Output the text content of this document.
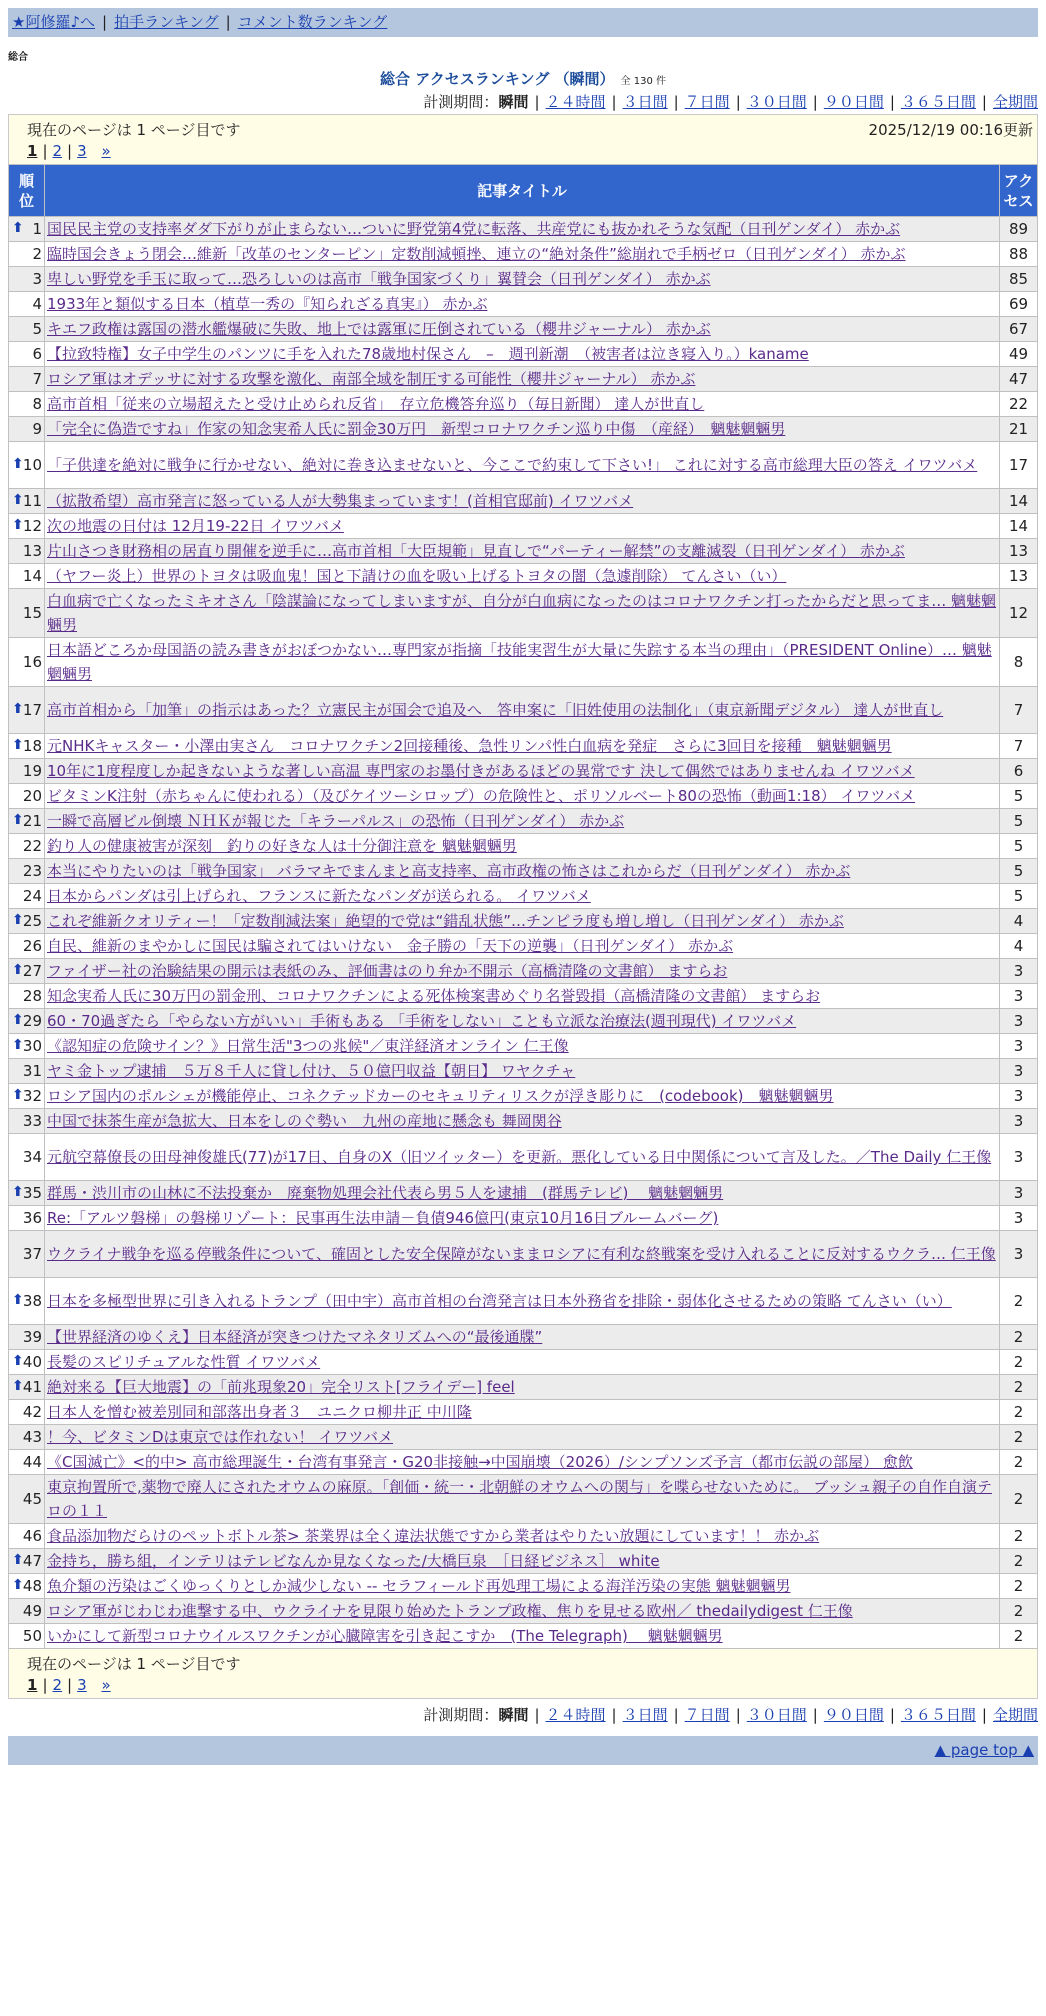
★阿修羅♪へ | 拍手ランキング | コメント数ランキング
総合
総合 アクセスランキング （瞬間） 全 130 件
計測期間：瞬間 | ２４時間 | ３日間 | ７日間 | ３０日間 | ９０日間 | ３６５日間 | 全期間
現在のページは 1 ページ目です	2025/12/19 00:16更新
1 | 2 | 3 »
順位	記事タイトル	アクセス

⬆ 1	国民民主党の支持率ダダ下がりが止まらない…ついに野党第4党に転落、共産党にも抜かれそうな気配（日刊ゲンダイ） 赤かぶ	89
2	臨時国会きょう閉会…維新「改革のセンターピン」定数削減頓挫、連立の“絶対条件”総崩れで手柄ゼロ（日刊ゲンダイ） 赤かぶ	88
3	卑しい野党を手玉に取って…恐ろしいのは高市「戦争国家づくり」翼賛会（日刊ゲンダイ） 赤かぶ	85
4	1933年と類似する日本（植草一秀の『知られざる真実』） 赤かぶ	69
5	キエフ政権は露国の潜水艦爆破に失敗、地上では露軍に圧倒されている（櫻井ジャーナル） 赤かぶ	67
6	【拉致特権】女子中学生のパンツに手を入れた78歳地村保さん　–　週刊新潮　（被害者は泣き寝入り。）kaname	49
7	ロシア軍はオデッサに対する攻撃を激化、南部全域を制圧する可能性（櫻井ジャーナル） 赤かぶ	47
8	高市首相「従来の立場超えたと受け止められ反省」　存立危機答弁巡り（毎日新聞） 達人が世直し	22
9	「完全に偽造ですね」作家の知念実希人氏に罰金30万円　新型コロナワクチン巡り中傷　（産経）　魑魅魍魎男	21

⬆ 10	「子供達を絶対に戦争に行かせない、絶対に巻き込ませないと、今ここで約束して下さい!」 これに対する高市総理大臣の答え イワツバメ	17

⬆ 11	（拡散希望）高市発言に怒っている人が大勢集まっています！(首相官邸前) イワツバメ	14

⬆ 12	次の地震の日付は 12月19-22日 イワツバメ	14
13	片山さつき財務相の居直り開催を逆手に…高市首相「大臣規範」見直しで“パーティー解禁”の支離滅裂（日刊ゲンダイ） 赤かぶ	13
14	（ヤフー炎上）世界のトヨタは吸血鬼！国と下請けの血を吸い上げるトヨタの闇（急遽削除） てんさい（い）	13
15	白血病で亡くなったミキオさん「陰謀論になってしまいますが、自分が白血病になったのはコロナワクチン打ったからだと思ってま… 魑魅魍魎男	12
16	日本語どころか母国語の読み書きがおぼつかない…専門家が指摘「技能実習生が大量に失踪する本当の理由」（PRESIDENT Online）… 魑魅魍魎男	8

⬆ 17	高市首相から「加筆」の指示はあった？立憲民主が国会で追及へ　答申案に「旧姓使用の法制化」（東京新聞デジタル） 達人が世直し	7

⬆ 18	元NHKキャスター・小澤由実さん　コロナワクチン2回接種後、急性リンパ性白血病を発症　さらに3回目を接種　魑魅魍魎男	7
19	10年に1度程度しか起きないような著しい高温 専門家のお墨付きがあるほどの異常です 決して偶然ではありませんね イワツバメ	6
20	ビタミンK注射（赤ちゃんに使われる）（及びケイツーシロップ）の危険性と、ポリソルベート80の恐怖（動画1:18） イワツバメ	5

⬆ 21	一瞬で高層ビル倒壊 ＮＨＫが報じた「キラーパルス」の恐怖（日刊ゲンダイ） 赤かぶ	5
22	釣り人の健康被害が深刻　釣りの好きな人は十分御注意を 魑魅魍魎男	5
23	本当にやりたいのは「戦争国家」 バラマキでまんまと高支持率、高市政権の怖さはこれからだ（日刊ゲンダイ） 赤かぶ	5
24	日本からパンダは引上げられ、フランスに新たなパンダが送られる。 イワツバメ	5

⬆ 25	これぞ維新クオリティー！「定数削減法案」絶望的で党は“錯乱状態”…チンピラ度も増し増し（日刊ゲンダイ） 赤かぶ	4
26	自民、維新のまやかしに国民は騙されてはいけない　金子勝の「天下の逆襲」（日刊ゲンダイ） 赤かぶ	4

⬆ 27	ファイザー社の治験結果の開示は表紙のみ、評価書はのり弁か不開示（高橋清隆の文書館） ますらお	3
28	知念実希人氏に30万円の罰金刑、コロナワクチンによる死体検案書めぐり名誉毀損（高橋清隆の文書館） ますらお	3

⬆ 29	60・70過ぎたら「やらない方がいい」手術もある 「手術をしない」ことも立派な治療法(週刊現代) イワツバメ	3

⬆ 30	《認知症の危険サイン？》日常生活"3つの兆候"／東洋経済オンライン 仁王像	3
31	ヤミ金トップ逮捕　５万８千人に貸し付け、５０億円収益【朝日】 ワヤクチャ	3

⬆ 32	ロシア国内のポルシェが機能停止、コネクテッドカーのセキュリティリスクが浮き彫りに　(codebook)　魑魅魍魎男	3
33	中国で抹茶生産が急拡大、日本をしのぐ勢い　九州の産地に懸念も 舞岡関谷	3
34	元航空幕僚長の田母神俊雄氏(77)が17日、自身のX（旧ツイッター）を更新。悪化している日中関係について言及した。／The Daily 仁王像	3

⬆ 35	群馬・渋川市の山林に不法投棄か　廃棄物処理会社代表ら男５人を逮捕　(群馬テレビ)　 魑魅魍魎男	3
36	Re:「アルツ磐梯」の磐梯リゾート：民事再生法申請－負債946億円(東京10月16日ブルームバーグ)	3
37	ウクライナ戦争を巡る停戦条件について、確固とした安全保障がないままロシアに有利な終戦案を受け入れることに反対するウクラ… 仁王像	3

⬆ 38	日本を多極型世界に引き入れるトランプ（田中宇）高市首相の台湾発言は日本外務省を排除・弱体化させるための策略 てんさい（い）	2
39	【世界経済のゆくえ】日本経済が突きつけたマネタリズムへの“最後通牒”	2

⬆ 40	長髪のスピリチュアルな性質 イワツバメ	2

⬆ 41	絶対来る【巨大地震】の「前兆現象20」完全リスト[フライデー] feel	2
42	日本人を憎む被差別同和部落出身者３　ユニクロ柳井正 中川隆	2
43	！今、ビタミンDは東京では作れない！ イワツバメ	2
44	《C国滅亡》<的中> 高市総理誕生・台湾有事発言・G20非接触→中国崩壊（2026）/シンプソンズ予言（都市伝説の部屋） 愈飲	2
45	東京拘置所で,薬物で廃人にされたオウムの麻原。「創価・統一・北朝鮮のオウムへの関与」を喋らせないために。 ブッシュ親子の自作自演テロの１１	2
46	食品添加物だらけのペットボトル茶> 茶業界は全く違法状態ですから業者はやりたい放題にしています！！ 赤かぶ	2

⬆ 47	金持ち，勝ち組，インテリはテレビなんか見なくなった/大橋巨泉　［日経ビジネス］ white	2

⬆ 48	魚介類の汚染はごくゆっくりとしか減少しない -- セラフィールド再処理工場による海洋汚染の実態 魑魅魍魎男	2
49	ロシア軍がじわじわ進撃する中、ウクライナを見限り始めたトランプ政権、焦りを見せる欧州／ thedailydigest 仁王像	2
50	いかにして新型コロナウイルスワクチンが心臓障害を引き起こすか　(The Telegraph)　 魑魅魍魎男	2
現在のページは 1 ページ目です
1 | 2 | 3 »
計測期間：瞬間 | ２４時間 | ３日間 | ７日間 | ３０日間 | ９０日間 | ３６５日間 | 全期間
▲ page top ▲
